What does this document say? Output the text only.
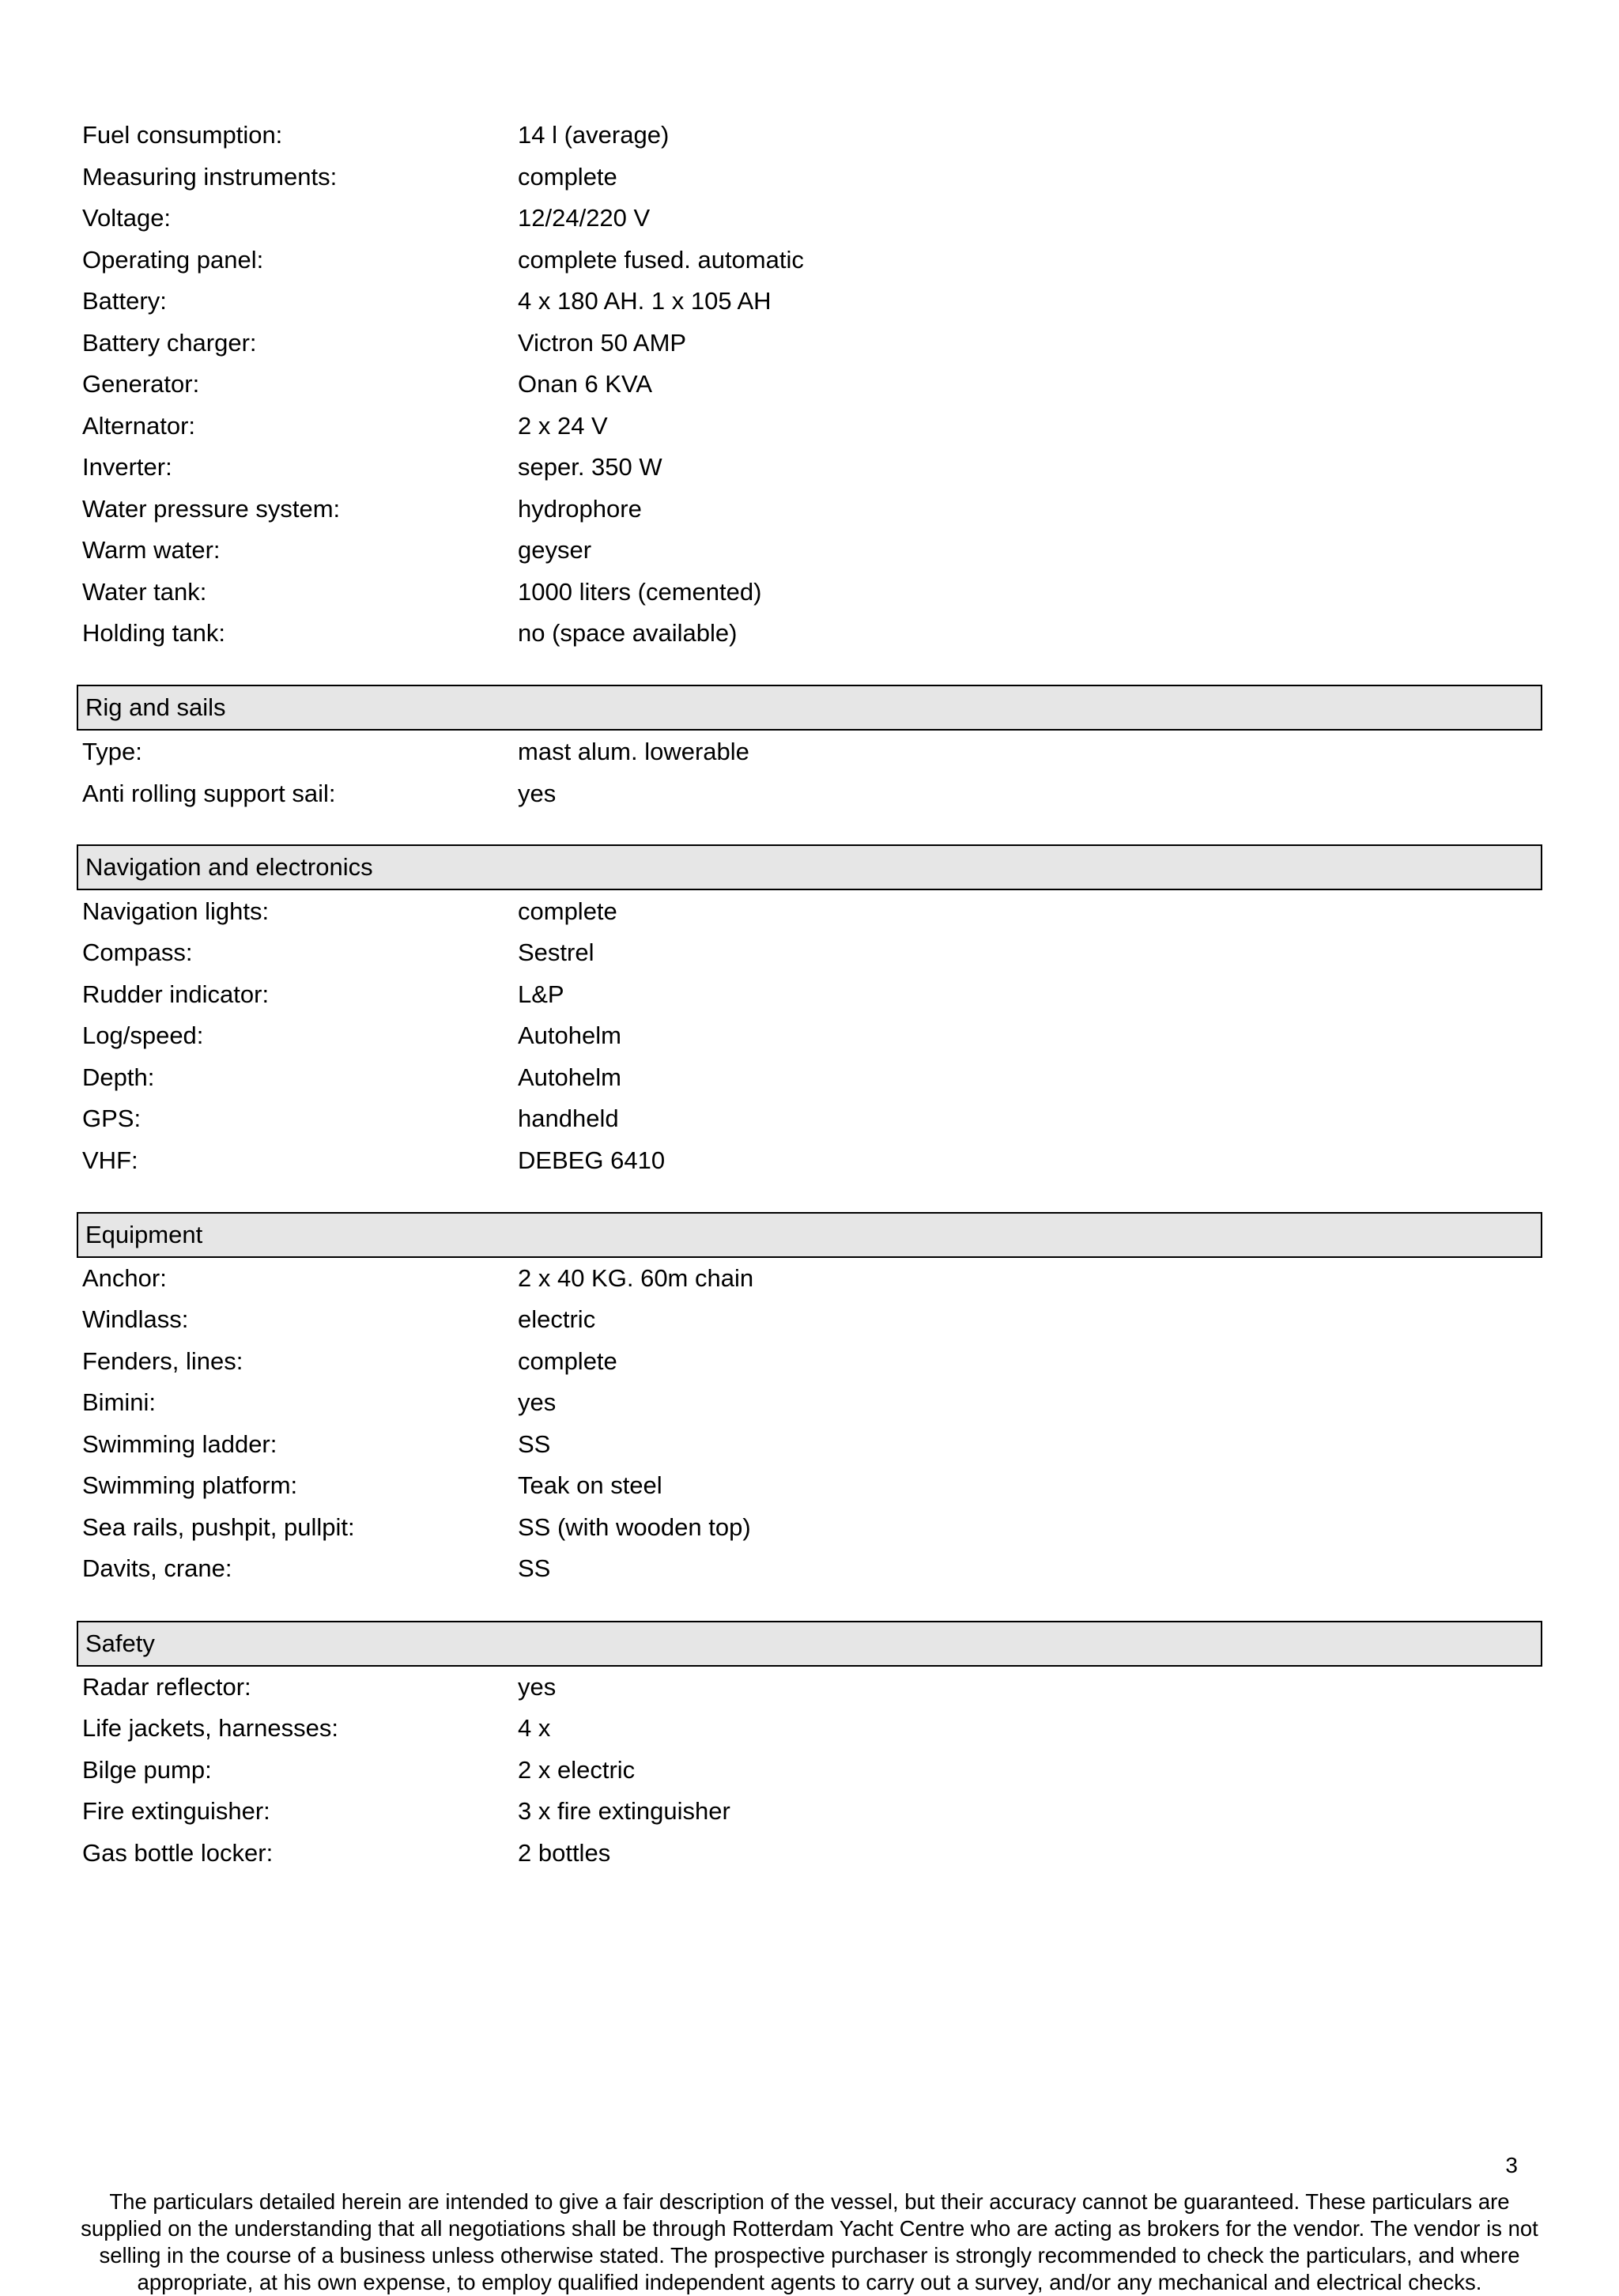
Fuel consumption:	14 l (average)
Measuring instruments:	complete
Voltage:	12/24/220 V
Operating panel:	complete fused. automatic
Battery:	4 x 180 AH. 1 x 105 AH
Battery charger:	Victron 50 AMP
Generator:	Onan 6 KVA
Alternator:	2 x 24 V
Inverter:	seper. 350 W
Water pressure system:	hydrophore
Warm water:	geyser
Water tank:	1000 liters (cemented)
Holding tank:	no (space available)
Rig and sails
Type:	mast alum. lowerable
Anti rolling support sail:	yes
Navigation and electronics
Navigation lights:	complete
Compass:	Sestrel
Rudder indicator:	L&P
Log/speed:	Autohelm
Depth:	Autohelm
GPS:	handheld
VHF:	DEBEG 6410
Equipment
Anchor:	2 x 40 KG. 60m chain
Windlass:	electric
Fenders, lines:	complete
Bimini:	yes
Swimming ladder:	SS
Swimming platform:	Teak on steel
Sea rails, pushpit, pullpit:	SS (with wooden top)
Davits, crane:	SS
Safety
Radar reflector:	yes
Life jackets, harnesses:	4 x
Bilge pump:	2 x electric
Fire extinguisher:	3 x fire extinguisher
Gas bottle locker:	2 bottles
3
The particulars detailed herein are intended to give a fair description of the vessel, but their accuracy cannot be guaranteed. These particulars are supplied on the understanding that all negotiations shall be through Rotterdam Yacht Centre who are acting as brokers for the vendor. The vendor is not selling in the course of a business unless otherwise stated. The prospective purchaser is strongly recommended to check the particulars, and where appropriate, at his own expense, to employ qualified independent agents to carry out a survey, and/or any mechanical and electrical checks.
